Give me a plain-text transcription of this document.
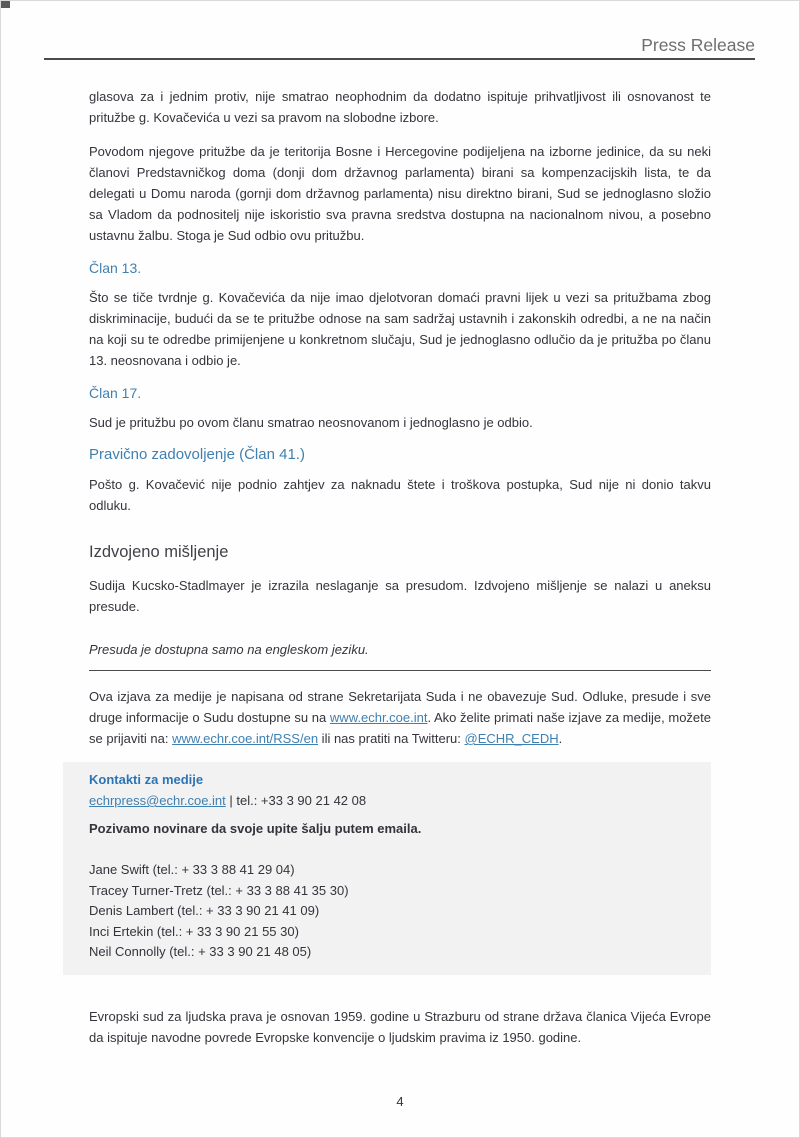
Press Release

glasova za i jednim protiv, nije smatrao neophodnim da dodatno ispituje prihvatljivost ili osnovanost te pritužbe g. Kovačevića u vezi sa pravom na slobodne izbore.

Povodom njegove pritužbe da je teritorija Bosne i Hercegovine podijeljena na izborne jedinice, da su neki članovi Predstavničkog doma (donji dom državnog parlamenta) birani sa kompenzacijskih lista, te da delegati u Domu naroda (gornji dom državnog parlamenta) nisu direktno birani, Sud se jednoglasno složio sa Vladom da podnositelj nije iskoristio sva pravna sredstva dostupna na nacionalnom nivou, a posebno ustavnu žalbu. Stoga je Sud odbio ovu pritužbu.

Član 13.

Što se tiče tvrdnje g. Kovačevića da nije imao djelotvoran domaći pravni lijek u vezi sa pritužbama zbog diskriminacije, budući da se te pritužbe odnose na sam sadržaj ustavnih i zakonskih odredbi, a ne na način na koji su te odredbe primijenjene u konkretnom slučaju, Sud je jednoglasno odlučio da je pritužba po članu 13. neosnovana i odbio je.

Član 17.

Sud je pritužbu po ovom članu smatrao neosnovanom i jednoglasno je odbio.

Pravično zadovoljenje (Član 41.)

Pošto g. Kovačević nije podnio zahtjev za naknadu štete i troškova postupka, Sud nije ni donio takvu odluku.

Izdvojeno mišljenje

Sudija Kucsko-Stadlmayer je izrazila neslaganje sa presudom. Izdvojeno mišljenje se nalazi u aneksu presude.

Presuda je dostupna samo na engleskom jeziku.

Ova izjava za medije je napisana od strane Sekretarijata Suda i ne obavezuje Sud. Odluke, presude i sve druge informacije o Sudu dostupne su na www.echr.coe.int. Ako želite primati naše izjave za medije, možete se prijaviti na: www.echr.coe.int/RSS/en ili nas pratiti na Twitteru: @ECHR_CEDH.

Kontakti za medije
echrpress@echr.coe.int | tel.: +33 3 90 21 42 08
Pozivamo novinare da svoje upite šalju putem emaila.
Jane Swift (tel.: + 33 3 88 41 29 04)
Tracey Turner-Tretz (tel.: + 33 3 88 41 35 30)
Denis Lambert (tel.: + 33 3 90 21 41 09)
Inci Ertekin (tel.: + 33 3 90 21 55 30)
Neil Connolly (tel.: + 33 3 90 21 48 05)

Evropski sud za ljudska prava je osnovan 1959. godine u Strazburu od strane država članica Vijeća Evrope da ispituje navodne povrede Evropske konvencije o ljudskim pravima iz 1950. godine.

4
